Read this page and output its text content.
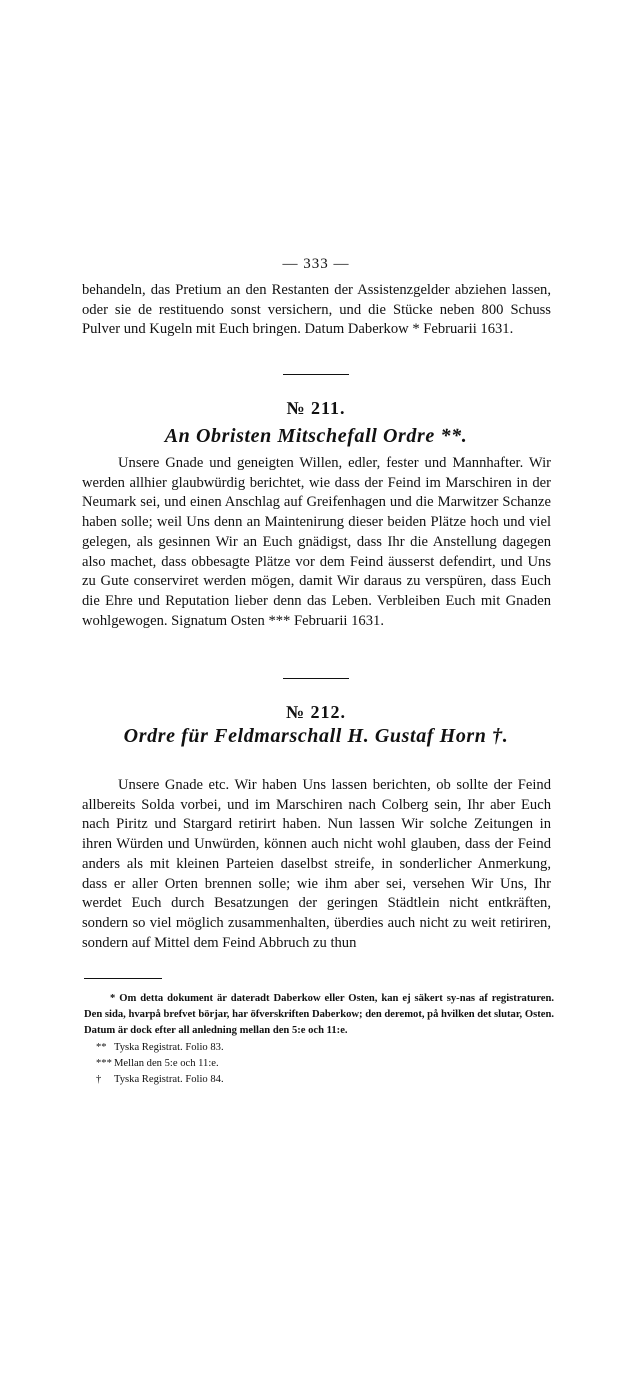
— 333 —
behandeln, das Pretium an den Restanten der Assistenzgelder abziehen lassen, oder sie de restituendo sonst versichern, und die Stücke neben 800 Schuss Pulver und Kugeln mit Euch bringen. Datum Daberkow * Februarii 1631.
№ 211.
An Obristen Mitschefall Ordre **.
Unsere Gnade und geneigten Willen, edler, fester und Mannhafter. Wir werden allhier glaubwürdig berichtet, wie dass der Feind im Marschiren in der Neumark sei, und einen Anschlag auf Greifenhagen und die Marwitzer Schanze haben solle; weil Uns denn an Maintenirung dieser beiden Plätze hoch und viel gelegen, als gesinnen Wir an Euch gnädigst, dass Ihr die Anstellung dagegen also machet, dass obbesagte Plätze vor dem Feind äusserst defendirt, und Uns zu Gute conserviret werden mögen, damit Wir daraus zu verspüren, dass Euch die Ehre und Reputation lieber denn das Leben. Verbleiben Euch mit Gnaden wohlgewogen. Signatum Osten *** Februarii 1631.
№ 212.
Ordre für Feldmarschall H. Gustaf Horn †.
Unsere Gnade etc. Wir haben Uns lassen berichten, ob sollte der Feind allbereits Solda vorbei, und im Marschiren nach Colberg sein, Ihr aber Euch nach Piritz und Stargard retirirt haben. Nun lassen Wir solche Zeitungen in ihren Würden und Unwürden, können auch nicht wohl glauben, dass der Feind anders als mit kleinen Parteien daselbst streife, in sonderlicher Anmerkung, dass er aller Orten brennen solle; wie ihm aber sei, versehen Wir Uns, Ihr werdet Euch durch Besatzungen der geringen Städtlein nicht entkräften, sondern so viel möglich zusammenhalten, überdies auch nicht zu weit retiriren, sondern auf Mittel dem Feind Abbruch zu thun
* Om detta dokument är dateradt Daberkow eller Osten, kan ej säkert sy-nas af registraturen. Den sida, hvarpå brefvet börjar, har öfverskriften Daberkow; den deremot, på hvilken det slutar, Osten. Datum är dock efter all anledning mellan den 5:e och 11:e.
** Tyska Registrat. Folio 83.
*** Mellan den 5:e och 11:e.
† Tyska Registrat. Folio 84.
